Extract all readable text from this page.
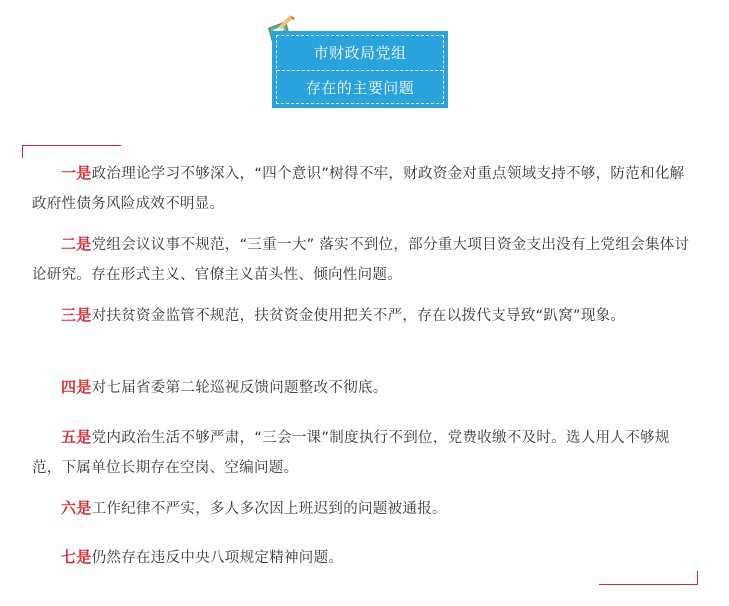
市财政局党组
存在的主要问题

一是政治理论学习不够深入，“四个意识”树得不牢，财政资金对重点领域支持不够，防范和化解政府性债务风险成效不明显。

二是党组会议议事不规范，“三重一大” 落实不到位，部分重大项目资金支出没有上党组会集体讨论研究。存在形式主义、官僚主义苗头性、倾向性问题。

三是对扶贫资金监管不规范，扶贫资金使用把关不严，存在以拨代支导致“趴窝”现象。

四是对七届省委第二轮巡视反馈问题整改不彻底。

五是党内政治生活不够严肃，“三会一课”制度执行不到位，党费收缴不及时。选人用人不够规范，下属单位长期存在空岗、空编问题。

六是工作纪律不严实，多人多次因上班迟到的问题被通报。

七是仍然存在违反中央八项规定精神问题。
